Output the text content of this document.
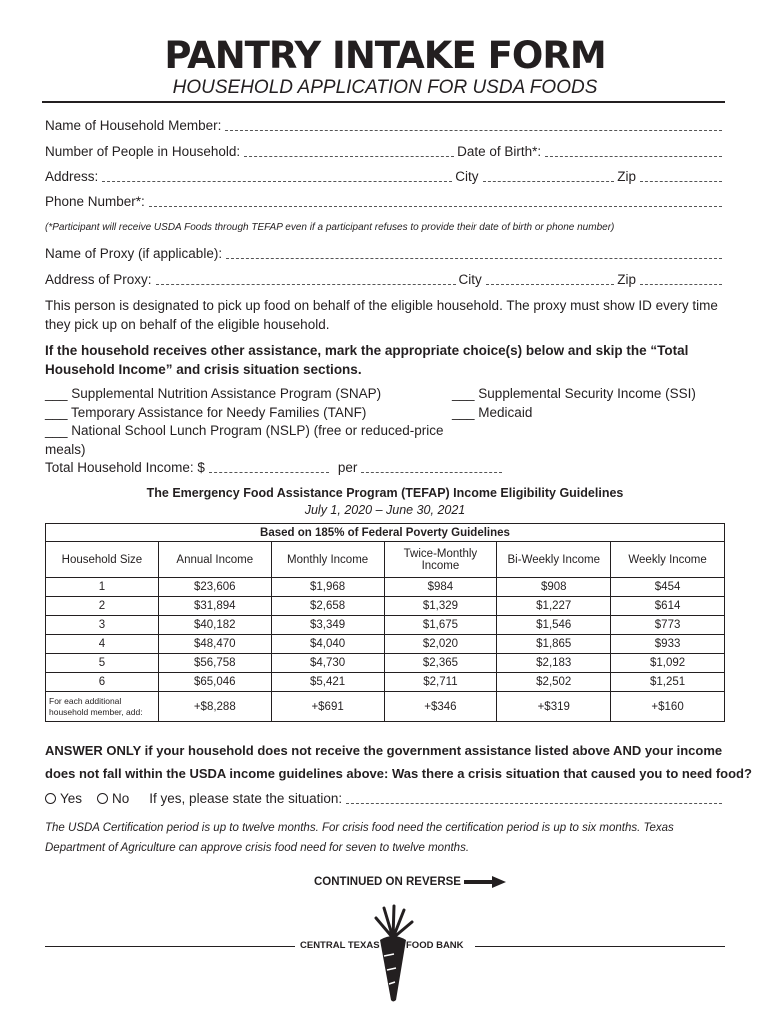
PANTRY INTAKE FORM
HOUSEHOLD APPLICATION FOR USDA FOODS
Name of Household Member:
Number of People in Household:	Date of Birth*:
Address:	City	Zip
Phone Number*:
(*Participant will receive USDA Foods through TEFAP even if a participant refuses to provide their date of birth or phone number)
Name of Proxy (if applicable):
Address of Proxy:	City	Zip
This person is designated to pick up food on behalf of the eligible household. The proxy must show ID every time they pick up on behalf of the eligible household.
If the household receives other assistance, mark the appropriate choice(s) below and skip the “Total Household Income” and crisis situation sections.
___ Supplemental Nutrition Assistance Program (SNAP)
___ Temporary Assistance for Needy Families (TANF)
___ National School Lunch Program (NSLP) (free or reduced-price meals)
___ Supplemental Security Income (SSI)
___ Medicaid
Total Household Income: $	per
The Emergency Food Assistance Program (TEFAP) Income Eligibility Guidelines
July 1, 2020 – June 30, 2021
Based on 185% of Federal Poverty Guidelines					
Household Size	Annual Income	Monthly Income	Twice-Monthly Income	Bi-Weekly Income	Weekly Income
1	$23,606	$1,968	$984	$908	$454
2	$31,894	$2,658	$1,329	$1,227	$614
3	$40,182	$3,349	$1,675	$1,546	$773
4	$48,470	$4,040	$2,020	$1,865	$933
5	$56,758	$4,730	$2,365	$2,183	$1,092
6	$65,046	$5,421	$2,711	$2,502	$1,251
For each additional household member, add:	+$8,288	+$691	+$346	+$319	+$160
ANSWER ONLY if your household does not receive the government assistance listed above AND your income
does not fall within the USDA income guidelines above: Was there a crisis situation that caused you to need food?
Yes	No If yes, please state the situation:
The USDA Certification period is up to twelve months. For crisis food need the certification period is up to six months. Texas Department of Agriculture can approve crisis food need for seven to twelve months.
CONTINUED ON REVERSE
CENTRAL TEXAS	FOOD BANK
